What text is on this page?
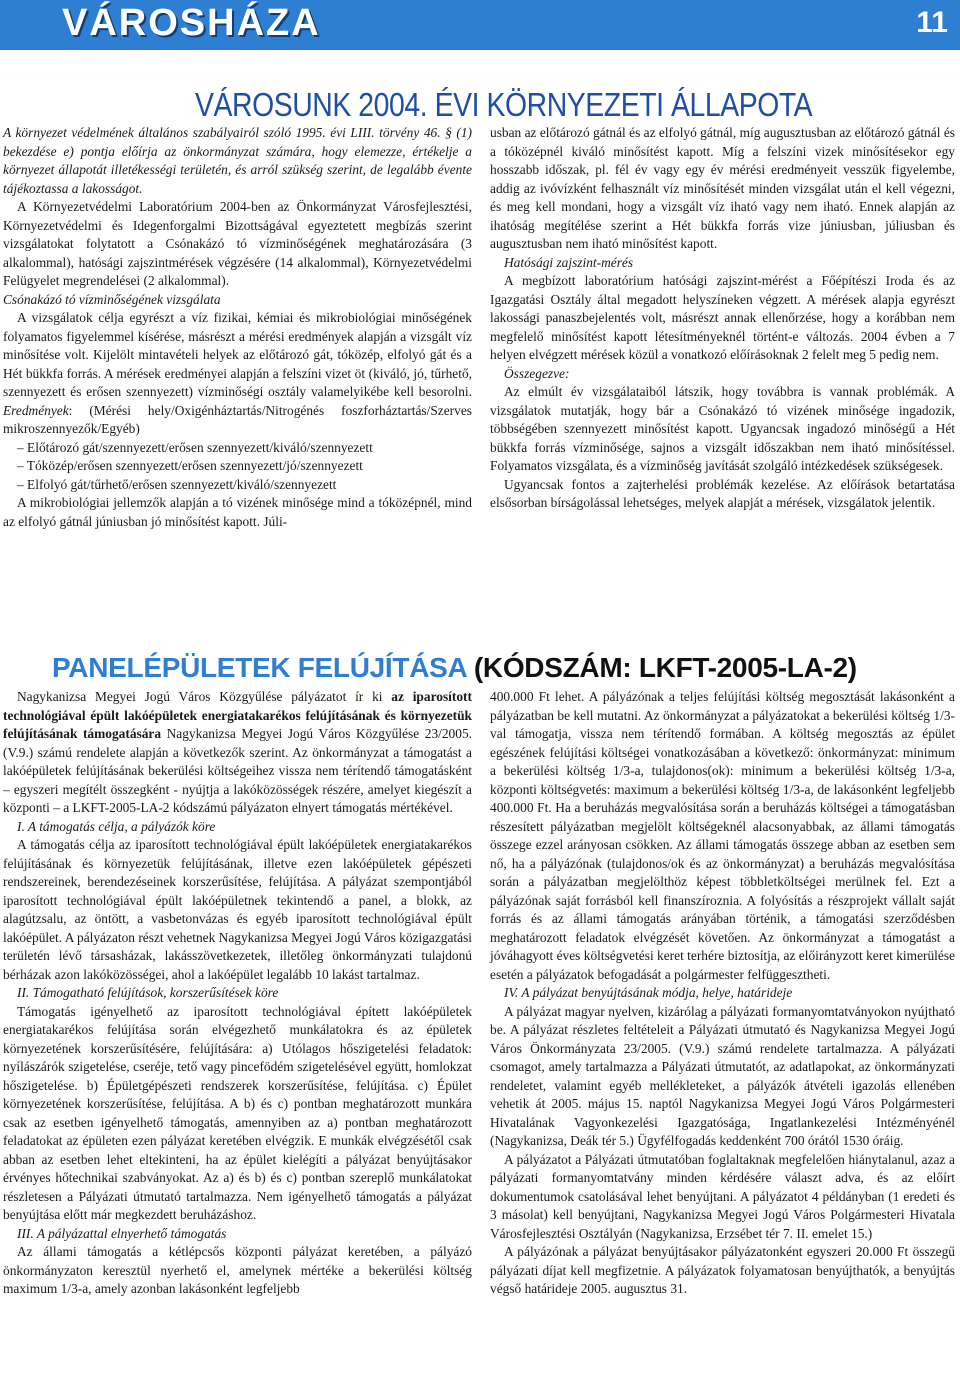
VÁROSHÁZA	11
VÁROSUNK 2004. ÉVI KÖRNYEZETI ÁLLAPOTA

A környezet védelmének általános szabályairól szóló 1995. évi LIII. törvény 46. § (1) bekezdése e) pontja előírja az önkormányzat számára, hogy elemezze, értékelje a környezet állapotát illetékességi területén, és arról szükség szerint, de legalább évente tájékoztassa a lakosságot.

A Környezetvédelmi Laboratórium 2004-ben az Önkormányzat Városfejlesztési, Környezetvédelmi és Idegenforgalmi Bizottságával egyeztetett megbízás szerint vizsgálatokat folytatott a Csónakázó tó vízminőségének meghatározására (3 alkalommal), hatósági zajszintmérések végzésére (14 alkalommal), Környezetvédelmi Felügyelet megrendelései (2 alkalommal).

Csónakázó tó vízminőségének vizsgálata

A vizsgálatok célja egyrészt a víz fizikai, kémiai és mikrobiológiai minőségének folyamatos figyelemmel kísérése, másrészt a mérési eredmények alapján a vizsgált víz minősítése volt. Kijelölt mintavételi helyek az előtározó gát, tóközép, elfolyó gát és a Hét bükkfa forrás. A mérések eredményei alapján a felszíni vizet öt (kiváló, jó, tűrhető, szennyezett és erősen szennyezett) vízminőségi osztály valamelyikébe kell besorolni. Eredmények: (Mérési hely/Oxigénháztartás/Nitrogénés foszforháztartás/Szerves mikroszennyezők/Egyéb)

– Előtározó gát/szennyezett/erősen szennyezett/kiváló/szennyezett

– Tóközép/erősen szennyezett/erősen szennyezett/jó/szennyezett

– Elfolyó gát/tűrhető/erősen szennyezett/kiváló/szennyezett

A mikrobiológiai jellemzők alapján a tó vizének minősége mind a tóközépnél, mind az elfolyó gátnál júniusban jó minősítést kapott. Júli-

usban az előtározó gátnál és az elfolyó gátnál, míg augusztusban az előtározó gátnál és a tóközépnél kiváló minősítést kapott. Míg a felszíni vizek minősítésekor egy hosszabb időszak, pl. fél év vagy egy év mérési eredményeit vesszük figyelembe, addig az ivóvízként felhasznált víz minősítését minden vizsgálat után el kell végezni, és meg kell mondani, hogy a vizsgált víz iható vagy nem iható. Ennek alapján az ihatóság megítélése szerint a Hét bükkfa forrás vize júniusban, júliusban és augusztusban nem iható minősítést kapott.

Hatósági zajszint-mérés

A megbízott laboratórium hatósági zajszint-mérést a Főépítészi Iroda és az Igazgatási Osztály által megadott helyszíneken végzett. A mérések alapja egyrészt lakossági panaszbejelentés volt, másrészt annak ellenőrzése, hogy a korábban nem megfelelő minősítést kapott létesítményeknél történt-e változás. 2004 évben a 7 helyen elvégzett mérések közül a vonatkozó előírásoknak 2 felelt meg 5 pedig nem.

Összegezve:

Az elmúlt év vizsgálataiból látszik, hogy továbbra is vannak problémák. A vizsgálatok mutatják, hogy bár a Csónakázó tó vizének minősége ingadozik, többségében szennyezett minősítést kapott. Ugyancsak ingadozó minőségű a Hét bükkfa forrás vízminősége, sajnos a vizsgált időszakban nem iható minősítéssel. Folyamatos vizsgálata, és a vízminőség javítását szolgáló intézkedések szükségesek.

Ugyancsak fontos a zajterhelési problémák kezelése. Az előírások betartatása elsősorban bírságolással lehetséges, melyek alapját a mérések, vizsgálatok jelentik.

PANELÉPÜLETEK FELÚJÍTÁSA (KÓDSZÁM: LKFT-2005-LA-2)

Nagykanizsa Megyei Jogú Város Közgyűlése pályázatot ír ki az iparosított technológiával épült lakóépületek energiatakarékos felújításának és környezetük felújításának támogatására Nagykanizsa Megyei Jogú Város Közgyűlése 23/2005. (V.9.) számú rendelete alapján a következők szerint. Az önkormányzat a támogatást a lakóépületek felújításának bekerülési költségeihez vissza nem térítendő támogatásként – egyszeri megítélt összegként - nyújtja a lakóközösségek részére, amelyet kiegészít a központi – a LKFT-2005-LA-2 kódszámú pályázaton elnyert támogatás mértékével.

I. A támogatás célja, a pályázók köre

A támogatás célja az iparosított technológiával épült lakóépületek energiatakarékos felújításának és környezetük felújításának, illetve ezen lakóépületek gépészeti rendszereinek, berendezéseinek korszerűsítése, felújítása. A pályázat szempontjából iparosított technológiával épült lakóépületnek tekintendő a panel, a blokk, az alagútzsalu, az öntött, a vasbetonvázas és egyéb iparosított technológiával épült lakóépület. A pályázaton részt vehetnek Nagykanizsa Megyei Jogú Város közigazgatási területén lévő társasházak, lakásszövetkezetek, illetőleg önkormányzati tulajdonú bérházak azon lakóközösségei, ahol a lakóépület legalább 10 lakást tartalmaz.

II. Támogatható felújítások, korszerűsítések köre

Támogatás igényelhető az iparosított technológiával épített lakóépületek energiatakarékos felújítása során elvégezhető munkálatokra és az épületek környezetének korszerűsítésére, felújítására: a) Utólagos hőszigetelési feladatok: nyílászárók szigetelése, cseréje, tető vagy pincefödém szigetelésével együtt, homlokzat hőszigetelése. b) Épületgépészeti rendszerek korszerűsítése, felújítása. c) Épület környezetének korszerűsítése, felújítása. A b) és c) pontban meghatározott munkára csak az esetben igényelhető támogatás, amennyiben az a) pontban meghatározott feladatokat az épületen ezen pályázat keretében elvégzik. E munkák elvégzésétől csak abban az esetben lehet eltekinteni, ha az épület kielégíti a pályázat benyújtásakor érvényes hőtechnikai szabványokat. Az a) és b) és c) pontban szereplő munkálatokat részletesen a Pályázati útmutató tartalmazza. Nem igényelhető támogatás a pályázat benyújtása előtt már megkezdett beruházáshoz.

III. A pályázattal elnyerhető támogatás

Az állami támogatás a kétlépcsős központi pályázat keretében, a pályázó önkormányzaton keresztül nyerhető el, amelynek mértéke a bekerülési költség maximum 1/3-a, amely azonban lakásonként legfeljebb

400.000 Ft lehet. A pályázónak a teljes felújítási költség megosztását lakásonként a pályázatban be kell mutatni. Az önkormányzat a pályázatokat a bekerülési költség 1/3-val támogatja, vissza nem térítendő formában. A költség megosztás az épület egészének felújítási költségei vonatkozásában a következő: önkormányzat: minimum a bekerülési költség 1/3-a, tulajdonos(ok): minimum a bekerülési költség 1/3-a, központi költségvetés: maximum a bekerülési költség 1/3-a, de lakásonként legfeljebb 400.000 Ft. Ha a beruházás megvalósítása során a beruházás költségei a támogatásban részesített pályázatban megjelölt költségeknél alacsonyabbak, az állami támogatás összege ezzel arányosan csökken. Az állami támogatás összege abban az esetben sem nő, ha a pályázónak (tulajdonos/ok és az önkormányzat) a beruházás megvalósítása során a pályázatban megjelölthöz képest többletköltségei merülnek fel. Ezt a pályázónak saját forrásból kell finanszíroznia. A folyósítás a részprojekt vállalt saját forrás és az állami támogatás arányában történik, a támogatási szerződésben meghatározott feladatok elvégzését követően. Az önkormányzat a támogatást a jóváhagyott éves költségvetési keret terhére biztosítja, az előirányzott keret kimerülése esetén a pályázatok befogadását a polgármester felfüggesztheti.

IV. A pályázat benyújtásának módja, helye, határideje

A pályázat magyar nyelven, kizárólag a pályázati formanyomtatványokon nyújtható be. A pályázat részletes feltételeit a Pályázati útmutató és Nagykanizsa Megyei Jogú Város Önkormányzata 23/2005. (V.9.) számú rendelete tartalmazza. A pályázati csomagot, amely tartalmazza a Pályázati útmutatót, az adatlapokat, az önkormányzati rendeletet, valamint egyéb mellékleteket, a pályázók átvételi igazolás ellenében vehetik át 2005. május 15. naptól Nagykanizsa Megyei Jogú Város Polgármesteri Hivatalának Vagyonkezelési Igazgatósága, Ingatlankezelési Intézményénél (Nagykanizsa, Deák tér 5.) Ügyfélfogadás keddenként 700 órától 1530 óráig.

A pályázatot a Pályázati útmutatóban foglaltaknak megfelelően hiánytalanul, azaz a pályázati formanyomtatvány minden kérdésére választ adva, és az előírt dokumentumok csatolásával lehet benyújtani. A pályázatot 4 példányban (1 eredeti és 3 másolat) kell benyújtani, Nagykanizsa Megyei Jogú Város Polgármesteri Hivatala Városfejlesztési Osztályán (Nagykanizsa, Erzsébet tér 7. II. emelet 15.)

A pályázónak a pályázat benyújtásakor pályázatonként egyszeri 20.000 Ft összegű pályázati díjat kell megfizetnie. A pályázatok folyamatosan benyújthatók, a benyújtás végső határideje 2005. augusztus 31.
